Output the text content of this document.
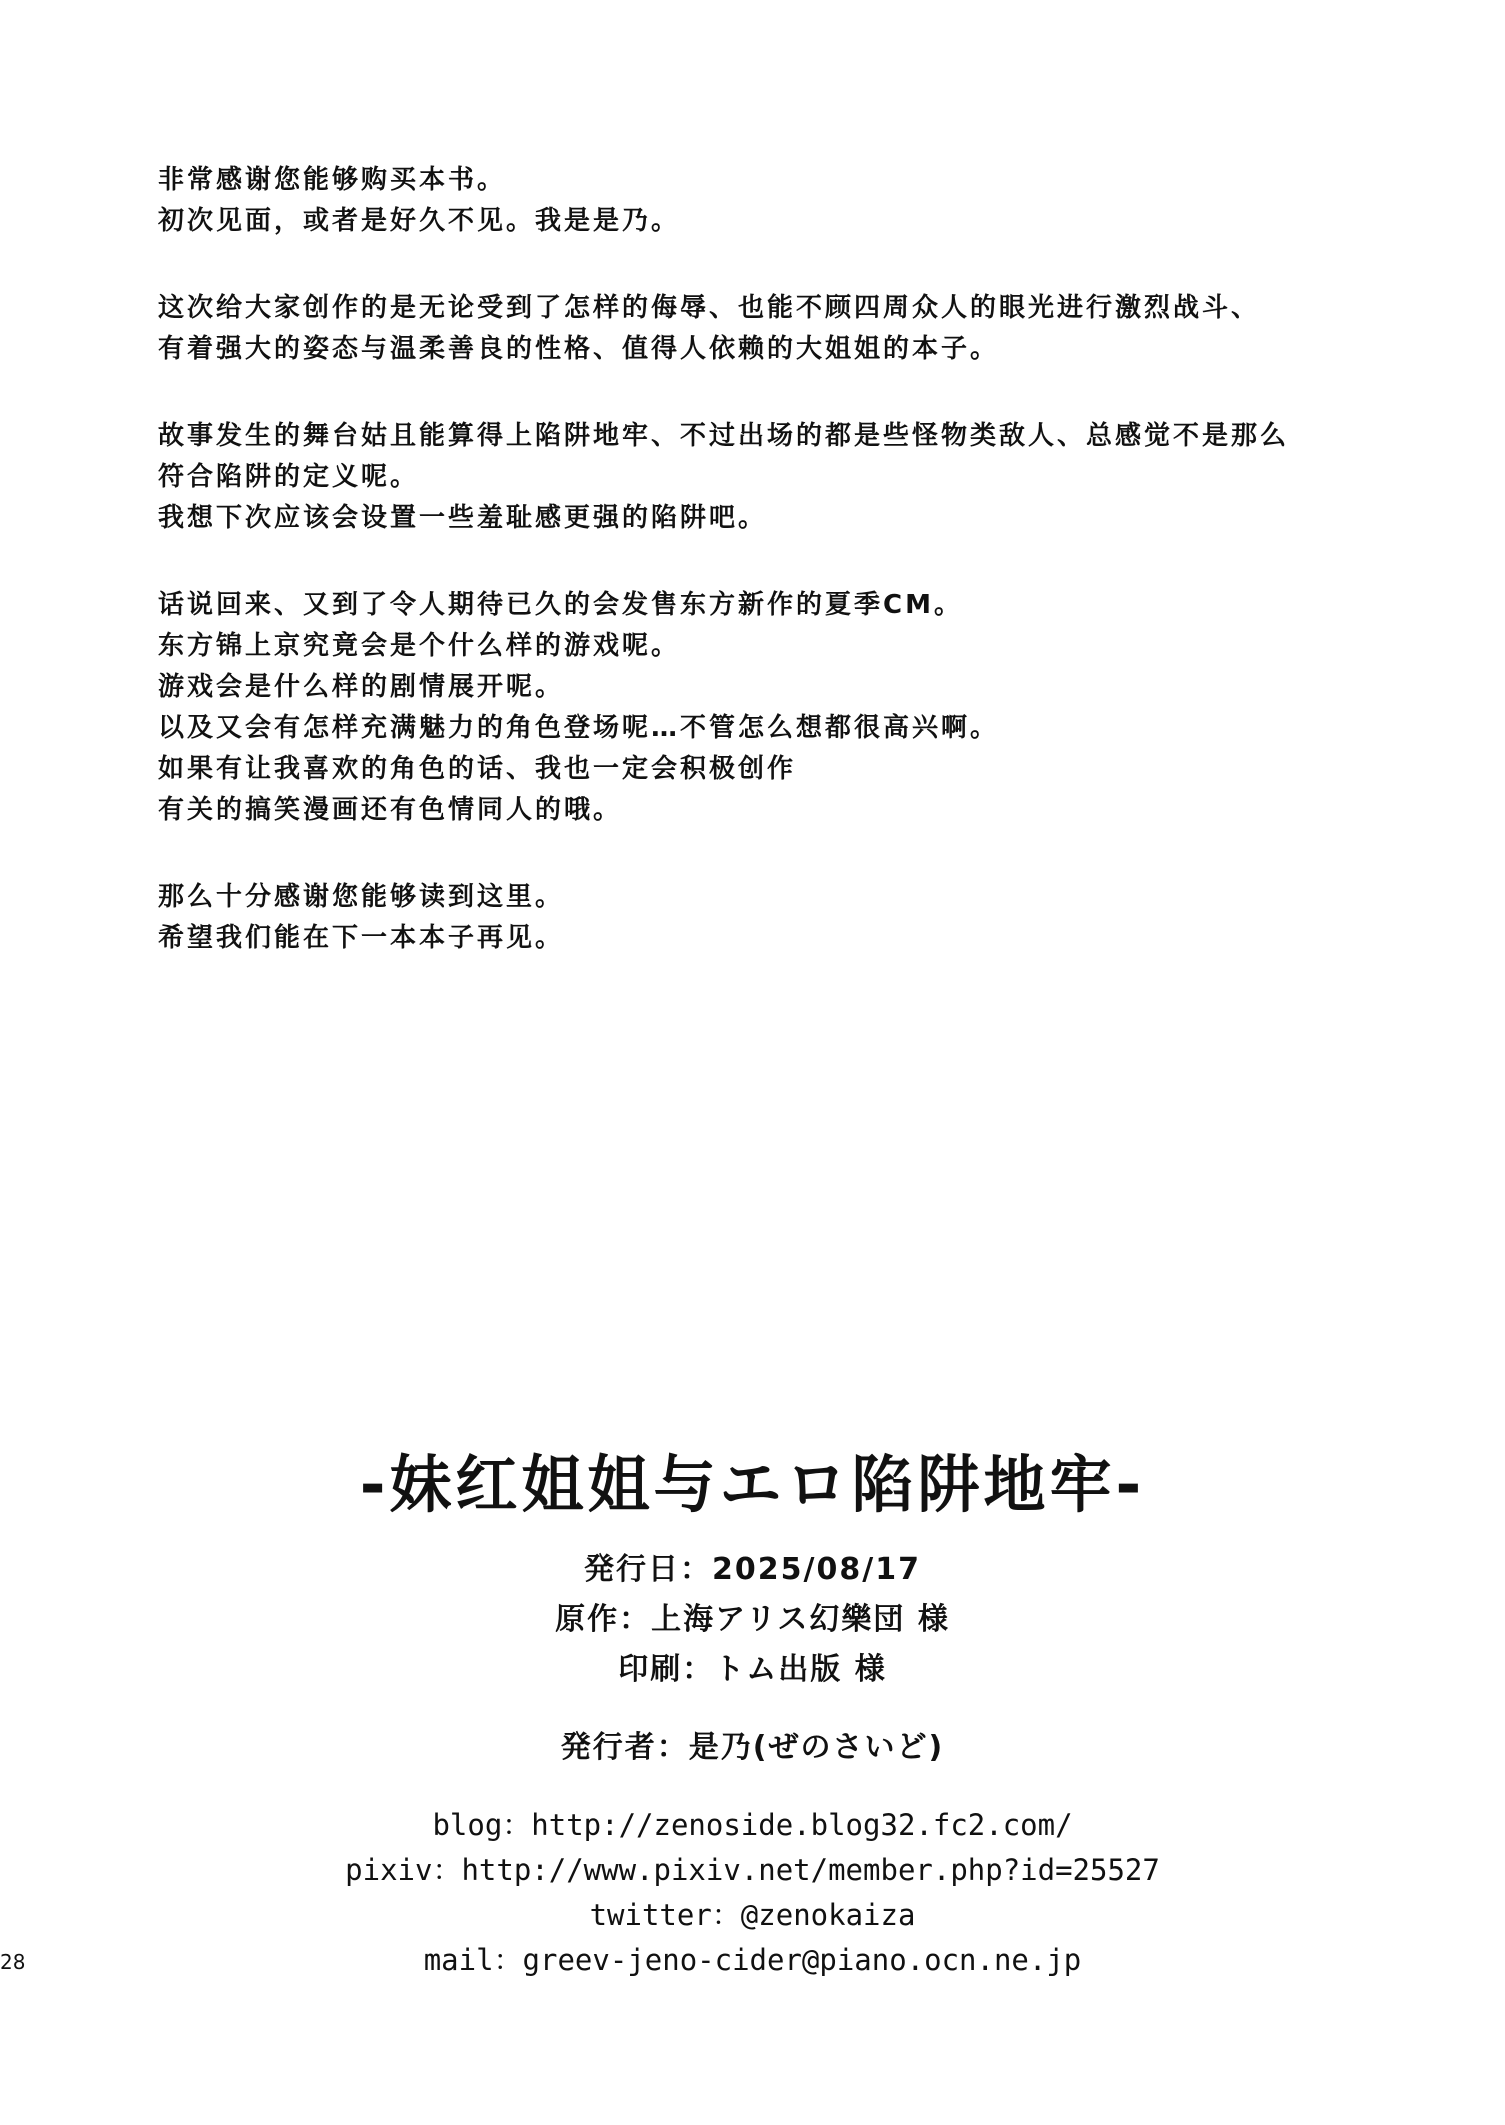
非常感谢您能够购买本书。
初次见面，或者是好久不见。我是是乃。
这次给大家创作的是无论受到了怎样的侮辱、也能不顾四周众人的眼光进行激烈战斗、
有着强大的姿态与温柔善良的性格、值得人依赖的大姐姐的本子。
故事发生的舞台姑且能算得上陷阱地牢、不过出场的都是些怪物类敌人、总感觉不是那么
符合陷阱的定义呢。
我想下次应该会设置一些羞耻感更强的陷阱吧。
话说回来、又到了令人期待已久的会发售东方新作的夏季CM。
东方锦上京究竟会是个什么样的游戏呢。
游戏会是什么样的剧情展开呢。
以及又会有怎样充满魅力的角色登场呢…不管怎么想都很高兴啊。
如果有让我喜欢的角色的话、我也一定会积极创作
有关的搞笑漫画还有色情同人的哦。
那么十分感谢您能够读到这里。
希望我们能在下一本本子再见。
-妹红姐姐与エロ陷阱地牢-
発行日：2025/08/17
原作：上海アリス幻樂団 様
印刷：トム出版 様
発行者：是乃(ぜのさいど)
blog：http://zenoside.blog32.fc2.com/
pixiv：http://www.pixiv.net/member.php?id=25527
twitter：@zenokaiza
mail：greev-jeno-cider@piano.ocn.ne.jp
28
